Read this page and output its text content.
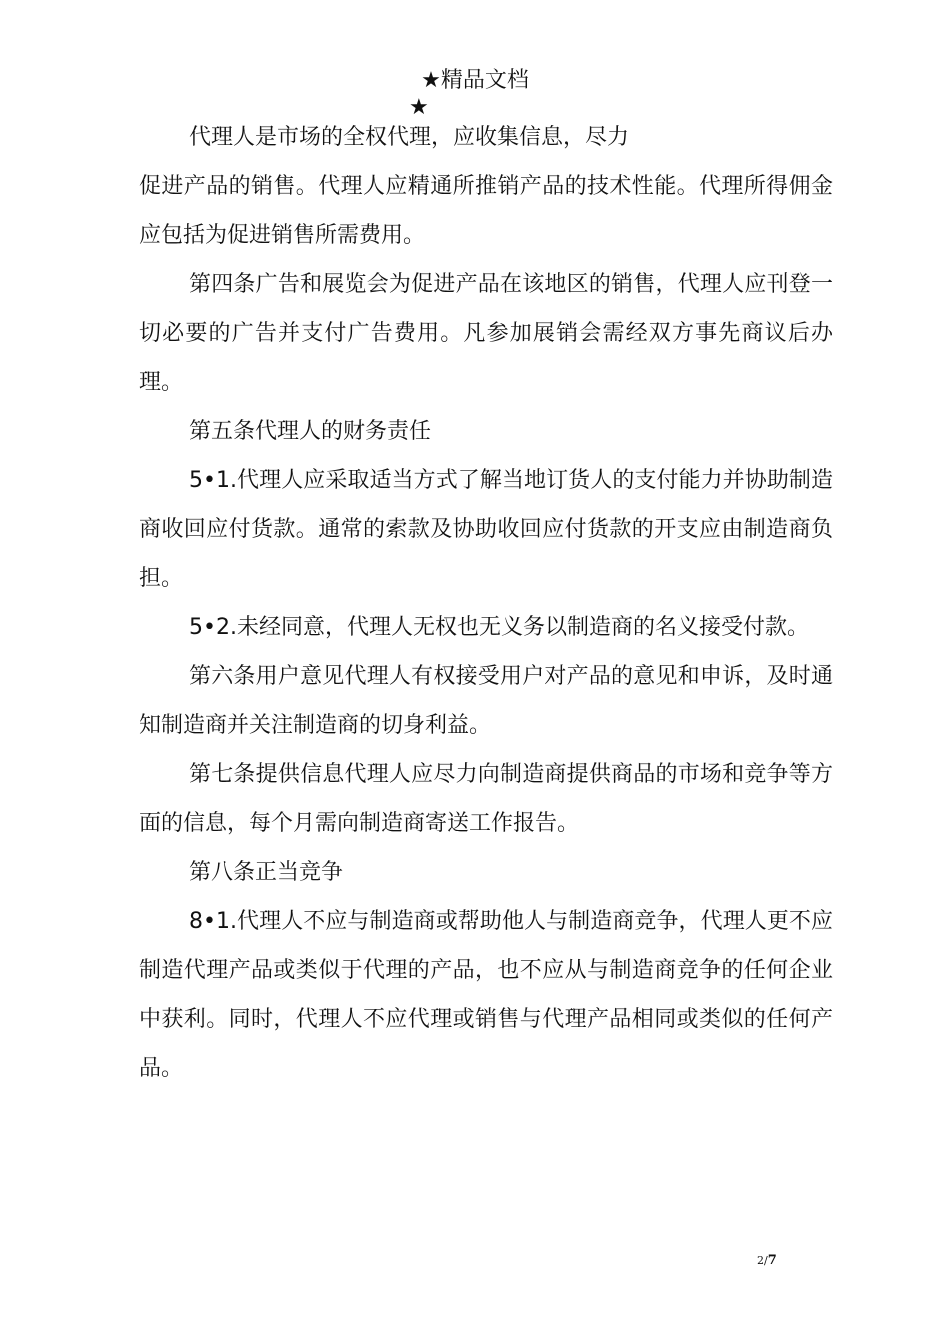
★精品文档
★

代理人是市场的全权代理，应收集信息，尽力

促进产品的销售。代理人应精通所推销产品的技术性能。代理所得佣金应包括为促进销售所需费用。

第四条广告和展览会为促进产品在该地区的销售，代理人应刊登一切必要的广告并支付广告费用。凡参加展销会需经双方事先商议后办理。

第五条代理人的财务责任

5•1.代理人应采取适当方式了解当地订货人的支付能力并协助制造商收回应付货款。通常的索款及协助收回应付货款的开支应由制造商负担。

5•2.未经同意，代理人无权也无义务以制造商的名义接受付款。

第六条用户意见代理人有权接受用户对产品的意见和申诉，及时通知制造商并关注制造商的切身利益。

第七条提供信息代理人应尽力向制造商提供商品的市场和竞争等方面的信息，每个月需向制造商寄送工作报告。

第八条正当竞争

8•1.代理人不应与制造商或帮助他人与制造商竞争，代理人更不应制造代理产品或类似于代理的产品，也不应从与制造商竞争的任何企业中获利。同时，代理人不应代理或销售与代理产品相同或类似的任何产品。

2/7
